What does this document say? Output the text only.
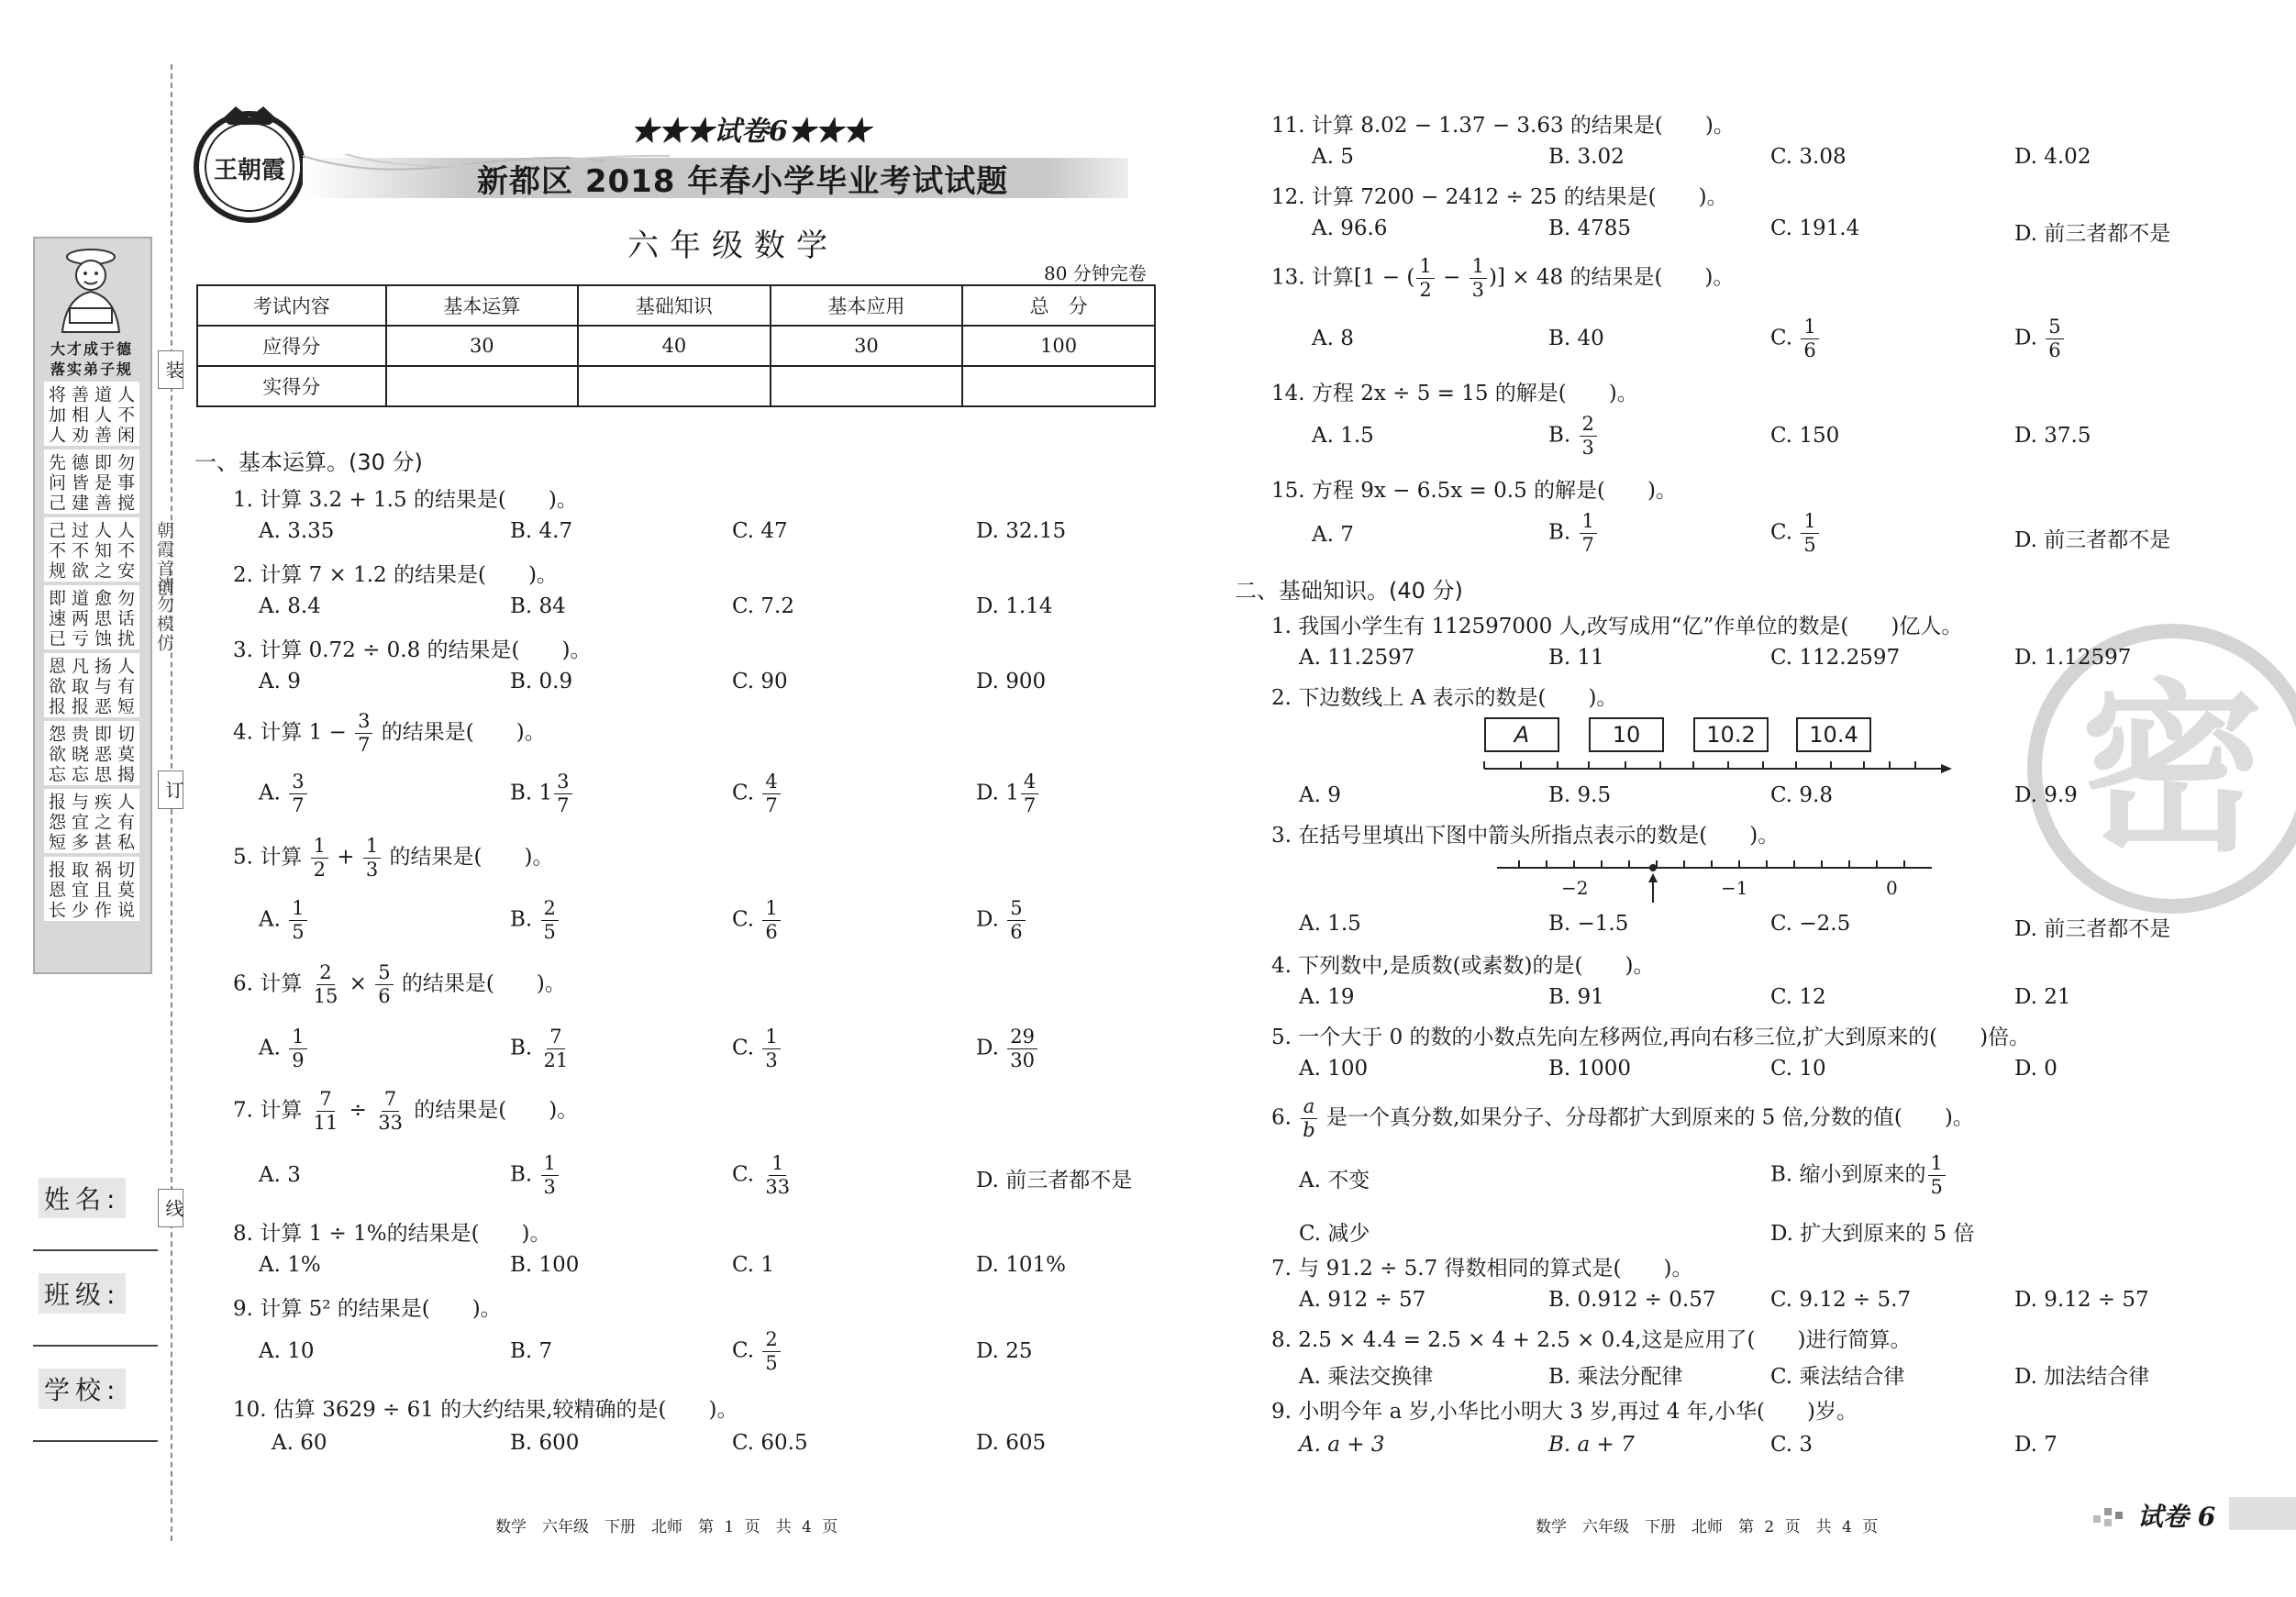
装
订
线
朝霞首创
请勿模仿
大才成于德
落实弟子规
人不闲
道人善
善相劝
将加人
勿事搅
即是善
德皆建
先问己
人不安
人知之
过不欲
己不规
勿话扰
愈思蚀
道两亏
即速已
人有短
扬与恶
凡取报
恩欲报
切莫揭
即恶思
贵晓忘
怨欲忘
人有私
疾之甚
与宜多
报怨短
切莫说
祸且作
取宜少
报恩长
姓名:
班级:
学校:
王朝霞
★★★试卷6★★★
新都区 2018 年春小学毕业考试试题
六年级数学
80 分钟完卷
考试内容	基本运算	基础知识	基本应用	总　分
应得分	30	40	30	100
实得分				
一、基本运算。(30 分)
1. 计算 3.2 + 1.5 的结果是(　　)。
A. 3.35	B. 4.7	C. 47	D. 32.15
2. 计算 7 × 1.2 的结果是(　　)。
A. 8.4	B. 84	C. 7.2	D. 1.14
3. 计算 0.72 ÷ 0.8 的结果是(　　)。
A. 9	B. 0.9	C. 90	D. 900
4. 计算 $1 - \frac{3}{7}$ 的结果是(　　)。
A. $\frac{3}{7}$	B. $1 \frac{3}{7}$	C. $\frac{4}{7}$	D. $1 \frac{4}{7}$
5. 计算 $\frac{1}{2} + \frac{1}{3}$ 的结果是(　　)。
A. $\frac{1}{5}$	B. $\frac{2}{5}$	C. $\frac{1}{6}$	D. $\frac{5}{6}$
6. 计算 $\frac{2}{15} \times \frac{5}{6}$ 的结果是(　　)。
A. $\frac{1}{9}$	B. $\frac{7}{21}$	C. $\frac{1}{3}$	D. $\frac{29}{30}$
7. 计算 $\frac{7}{11} \div \frac{7}{33}$ 的结果是(　　)。
A. 3	B. $\frac{1}{3}$	C. $\frac{1}{33}$	D. 前三者都不是
8. 计算 1 ÷ 1%的结果是(　　)。
A. 1%	B. 100	C. 1	D. 101%
9. 计算 5² 的结果是(　　)。
A. 10	B. 7	C. $\frac{2}{5}$	D. 25
10. 估算 3629 ÷ 61 的大约结果,较精确的是(　　)。
A. 60	B. 600	C. 60.5	D. 605
数学　六年级　下册　北师　第 1 页　共 4 页
密
11. 计算 8.02 − 1.37 − 3.63 的结果是(　　)。
A. 5	B. 3.02	C. 3.08	D. 4.02
12. 计算 7200 − 2412 ÷ 25 的结果是(　　)。
A. 96.6	B. 4785	C. 191.4	D. 前三者都不是
13. 计算[1 − ( $\frac{1}{2} - \frac{1}{3}$ )] × 48 的结果是(　　)。
A. 8	B. 40	C. $\frac{1}{6}$	D. $\frac{5}{6}$
14. 方程 2x ÷ 5 = 15 的解是(　　)。
A. 1.5	B. $\frac{2}{3}$	C. 150	D. 37.5
15. 方程 9x − 6.5x = 0.5 的解是(　　)。
A. 7	B. $\frac{1}{7}$	C. $\frac{1}{5}$	D. 前三者都不是
二、基础知识。(40 分)
1. 我国小学生有 112597000 人,改写成用“亿”作单位的数是(　　)亿人。
A. 11.2597	B. 11	C. 112.2597	D. 1.12597
2. 下边数线上 A 表示的数是(　　)。
A	10	10.2	10.4
A. 9	B. 9.5	C. 9.8	D. 9.9
3. 在括号里填出下图中箭头所指点表示的数是(　　)。
−2	−1	0
A. 1.5	B. −1.5	C. −2.5	D. 前三者都不是
4. 下列数中,是质数(或素数)的是(　　)。
A. 19	B. 91	C. 12	D. 21
5. 一个大于 0 的数的小数点先向左移两位,再向右移三位,扩大到原来的(　　)倍。
A. 100	B. 1000	C. 10	D. 0
6. $\frac{a}{b}$ 是一个真分数,如果分子、分母都扩大到原来的 5 倍,分数的值(　　)。
A. 不变	B. 缩小到原来的 $\frac{1}{5}$
C. 减少	D. 扩大到原来的 5 倍
7. 与 91.2 ÷ 5.7 得数相同的算式是(　　)。
A. 912 ÷ 57	B. 0.912 ÷ 0.57	C. 9.12 ÷ 5.7	D. 9.12 ÷ 57
8. 2.5 × 4.4 = 2.5 × 4 + 2.5 × 0.4,这是应用了(　　)进行简算。
A. 乘法交换律	B. 乘法分配律	C. 乘法结合律	D. 加法结合律
9. 小明今年 a 岁,小华比小明大 3 岁,再过 4 年,小华(　　)岁。
A. a + 3	B. a + 7	C. 3	D. 7
数学　六年级　下册　北师　第 2 页　共 4 页	试卷 6
